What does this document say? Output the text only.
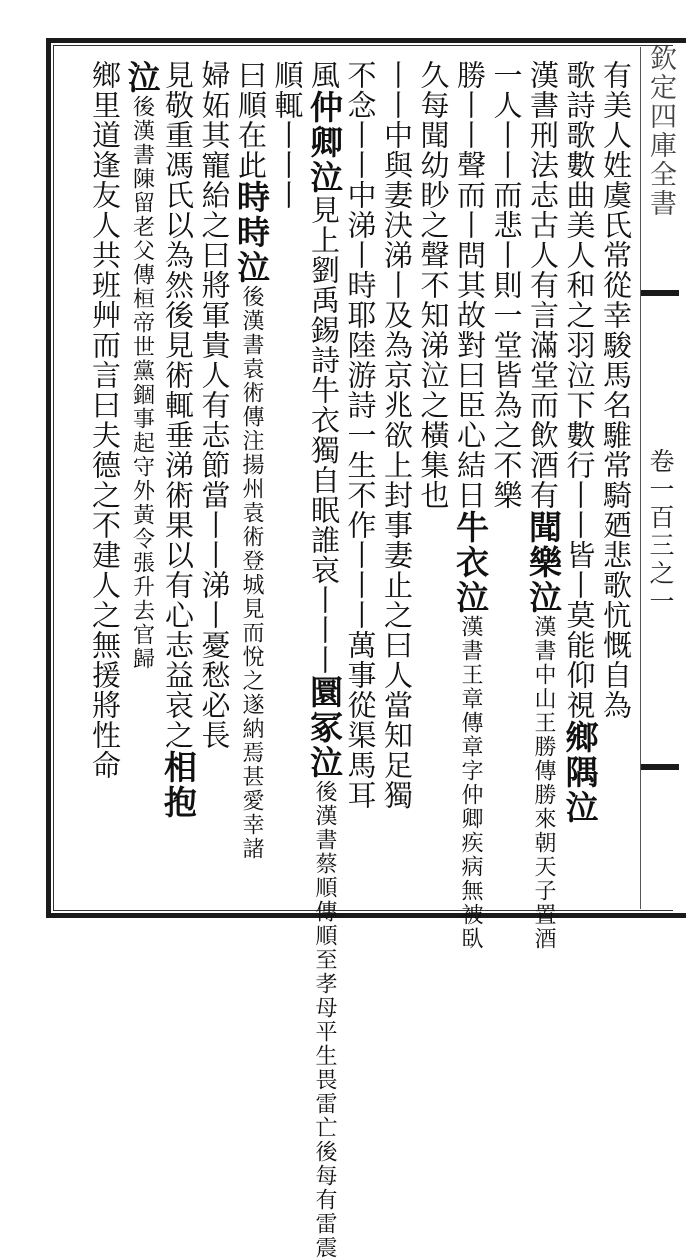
欽定四庫全書
卷一百三之一
有美人姓虞氏常從幸駿馬名騅常騎廼悲歌忼慨自為
歌詩歌數曲美人和之羽泣下數行丨丨皆丨莫能仰視鄉隅泣
漢書刑法志古人有言滿堂而飲酒有聞樂泣漢書中山王勝傳勝來朝天子置酒
一人丨丨而悲丨則一堂皆為之不樂
勝丨丨聲而丨問其故對曰臣心結日牛衣泣漢書王章傳章字仲卿疾病無被臥
久每聞幼眇之聲不知涕泣之橫集也
丨丨中與妻決涕丨及為京兆欲上封事妻止之曰人當知足獨
不念丨丨中涕丨時耶陸游詩一生不作丨丨丨萬事從渠馬耳
風仲卿泣見上劉禹錫詩牛衣獨自眠誰哀丨丨丨圜冢泣後漢書蔡順傳順至孝母平生畏雷亡後每有雷震
順輒丨丨丨
曰順在此時時泣後漢書袁術傳注揚州袁術登城見而悅之遂納焉甚愛幸諸
婦妬其寵紿之曰將軍貴人有志節當丨丨涕丨憂愁必長
見敬重馮氏以為然後見術輒垂涕術果以有心志益哀之相抱
泣後漢書陳留老父傳桓帝世黨錮事起守外黃令張升去官歸
鄉里道逢友人共班艸而言曰夫德之不建人之無援將性命
